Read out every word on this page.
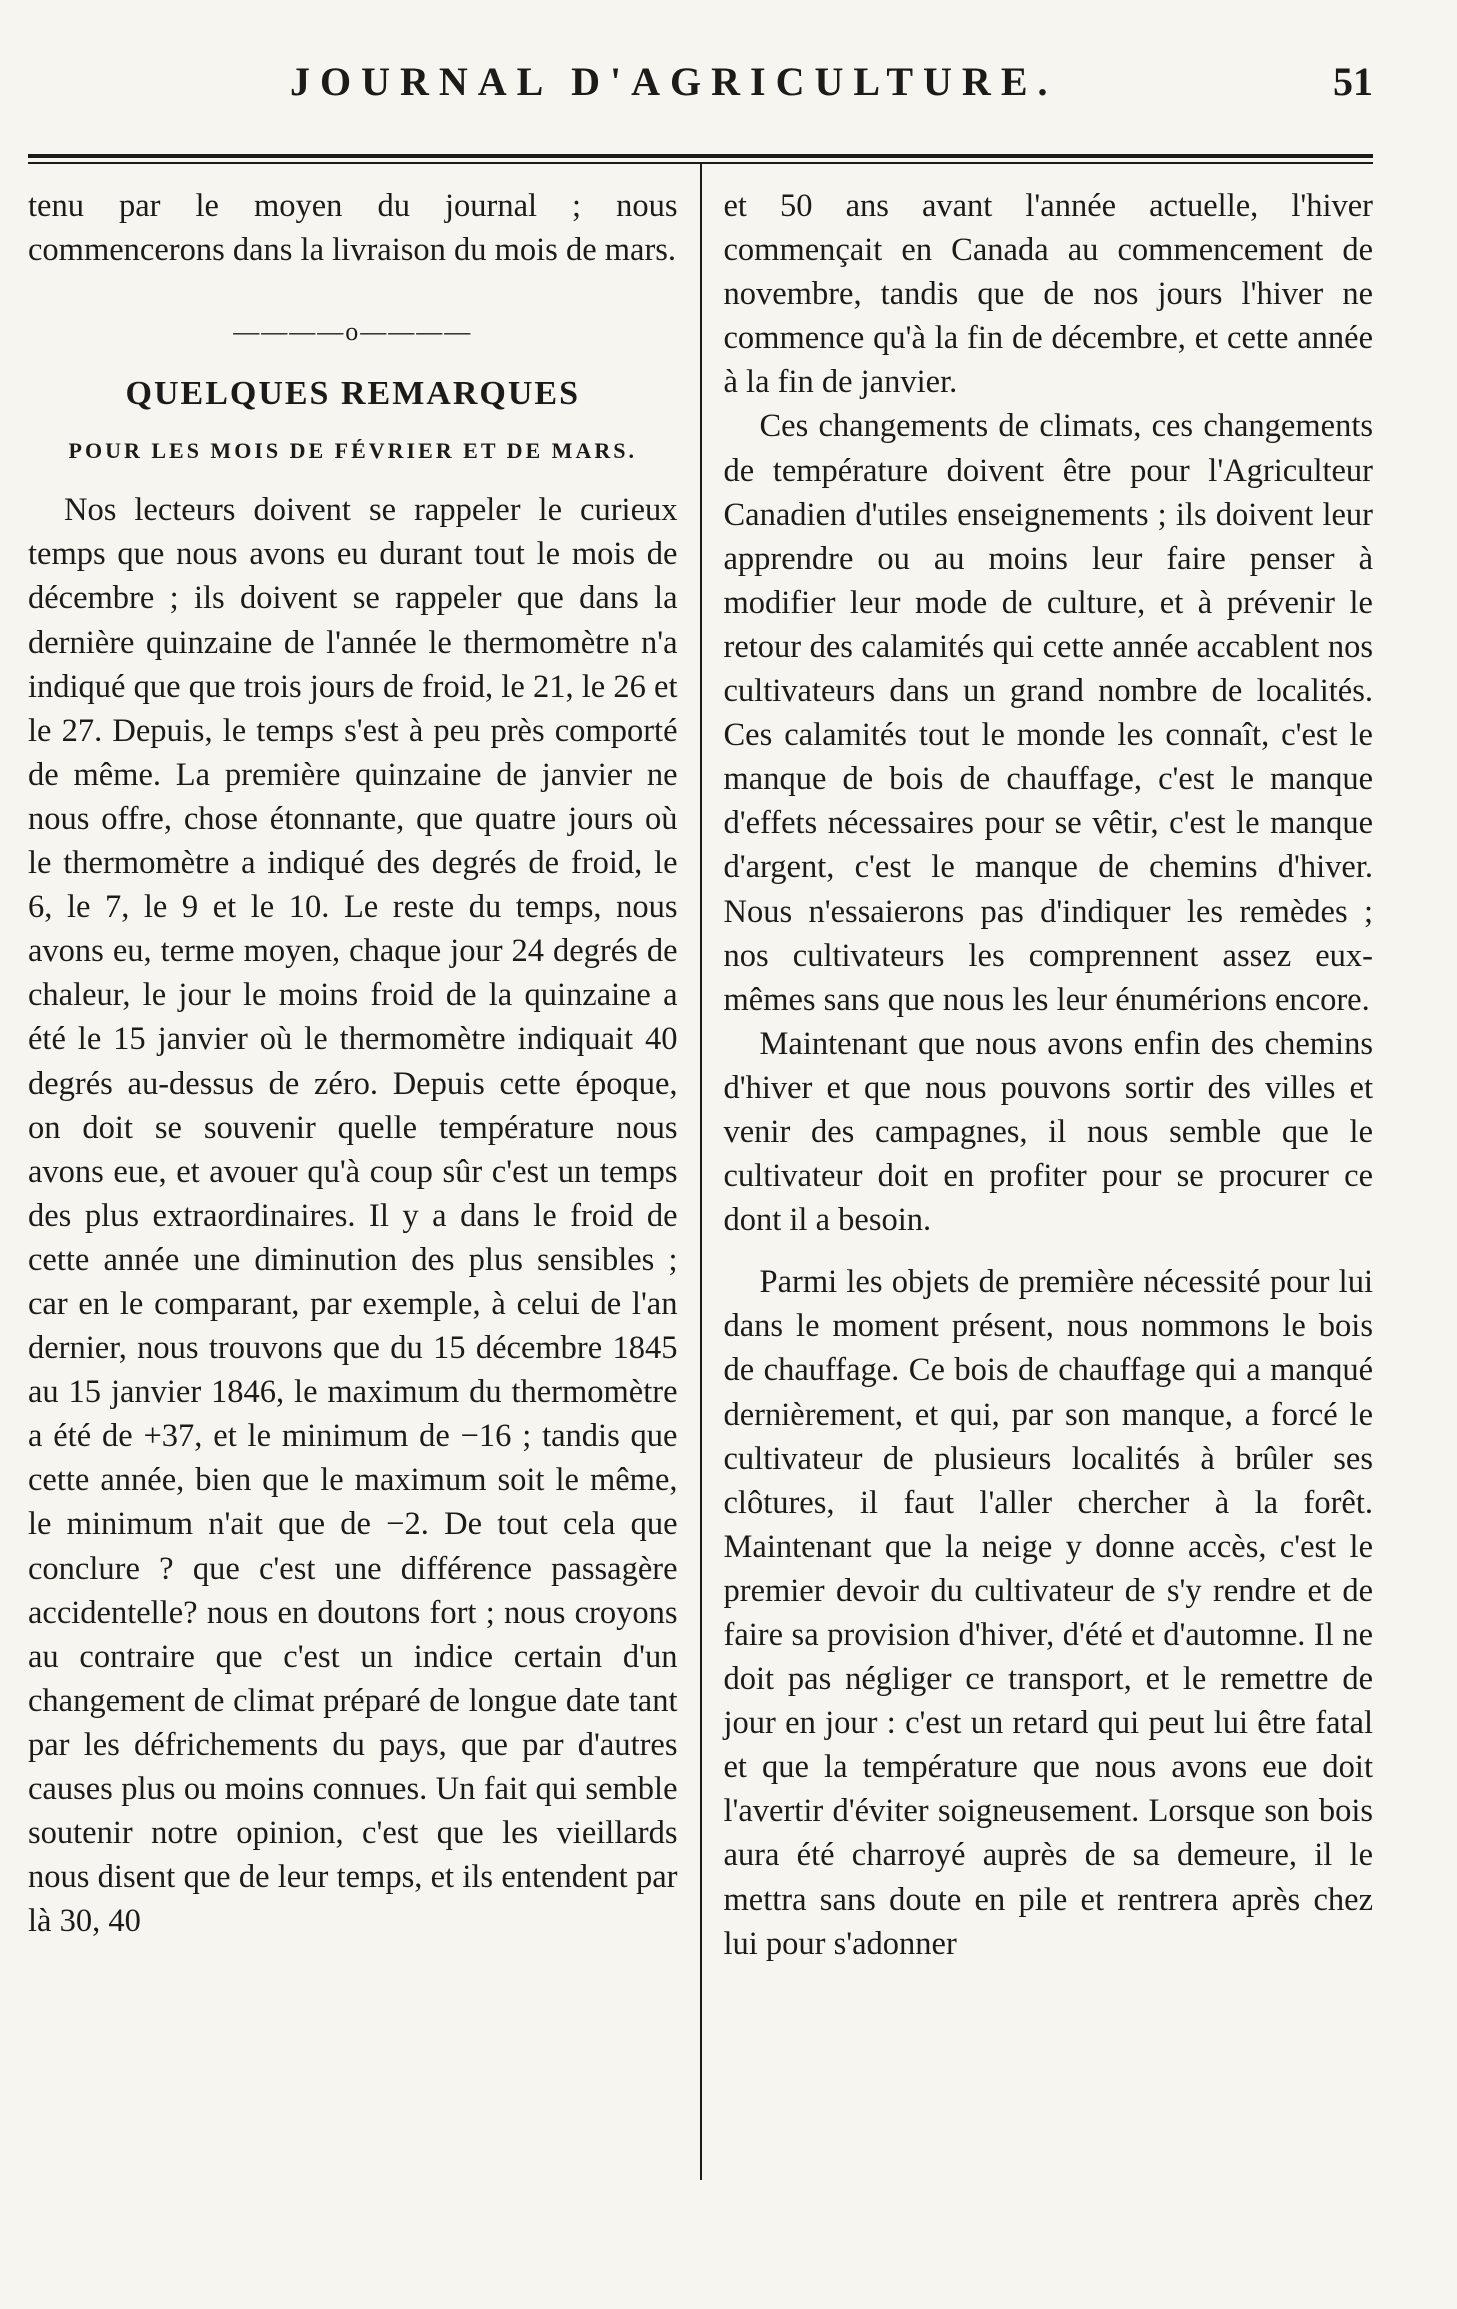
JOURNAL D'AGRICULTURE.	51

tenu par le moyen du journal ; nous commencerons dans la livraison du mois de mars.

————o————
QUELQUES REMARQUES
POUR LES MOIS DE FÉVRIER ET DE MARS.

Nos lecteurs doivent se rappeler le curieux temps que nous avons eu durant tout le mois de décembre ; ils doivent se rappeler que dans la dernière quinzaine de l'année le thermomètre n'a indiqué que que trois jours de froid, le 21, le 26 et le 27. Depuis, le temps s'est à peu près comporté de même. La première quinzaine de janvier ne nous offre, chose étonnante, que quatre jours où le thermomètre a indiqué des degrés de froid, le 6, le 7, le 9 et le 10. Le reste du temps, nous avons eu, terme moyen, chaque jour 24 degrés de chaleur, le jour le moins froid de la quinzaine a été le 15 janvier où le thermomètre indiquait 40 degrés au-dessus de zéro. Depuis cette époque, on doit se souvenir quelle température nous avons eue, et avouer qu'à coup sûr c'est un temps des plus extraordinaires. Il y a dans le froid de cette année une diminution des plus sensibles ; car en le comparant, par exemple, à celui de l'an dernier, nous trouvons que du 15 décembre 1845 au 15 janvier 1846, le maximum du thermomètre a été de +37, et le minimum de −16 ; tandis que cette année, bien que le maximum soit le même, le minimum n'ait que de −2. De tout cela que conclure ? que c'est une différence passagère accidentelle? nous en doutons fort ; nous croyons au contraire que c'est un indice certain d'un changement de climat préparé de longue date tant par les défrichements du pays, que par d'autres causes plus ou moins connues. Un fait qui semble soutenir notre opinion, c'est que les vieillards nous disent que de leur temps, et ils entendent par là 30, 40

et 50 ans avant l'année actuelle, l'hiver commençait en Canada au commencement de novembre, tandis que de nos jours l'hiver ne commence qu'à la fin de décembre, et cette année à la fin de janvier.

Ces changements de climats, ces changements de température doivent être pour l'Agriculteur Canadien d'utiles enseignements ; ils doivent leur apprendre ou au moins leur faire penser à modifier leur mode de culture, et à prévenir le retour des calamités qui cette année accablent nos cultivateurs dans un grand nombre de localités. Ces calamités tout le monde les connaît, c'est le manque de bois de chauffage, c'est le manque d'effets nécessaires pour se vêtir, c'est le manque d'argent, c'est le manque de chemins d'hiver. Nous n'essaierons pas d'indiquer les remèdes ; nos cultivateurs les comprennent assez eux-mêmes sans que nous les leur énumérions encore.

Maintenant que nous avons enfin des chemins d'hiver et que nous pouvons sortir des villes et venir des campagnes, il nous semble que le cultivateur doit en profiter pour se procurer ce dont il a besoin.

Parmi les objets de première nécessité pour lui dans le moment présent, nous nommons le bois de chauffage. Ce bois de chauffage qui a manqué dernièrement, et qui, par son manque, a forcé le cultivateur de plusieurs localités à brûler ses clôtures, il faut l'aller chercher à la forêt. Maintenant que la neige y donne accès, c'est le premier devoir du cultivateur de s'y rendre et de faire sa provision d'hiver, d'été et d'automne. Il ne doit pas négliger ce transport, et le remettre de jour en jour : c'est un retard qui peut lui être fatal et que la température que nous avons eue doit l'avertir d'éviter soigneusement. Lorsque son bois aura été charroyé auprès de sa demeure, il le mettra sans doute en pile et rentrera après chez lui pour s'adonner
